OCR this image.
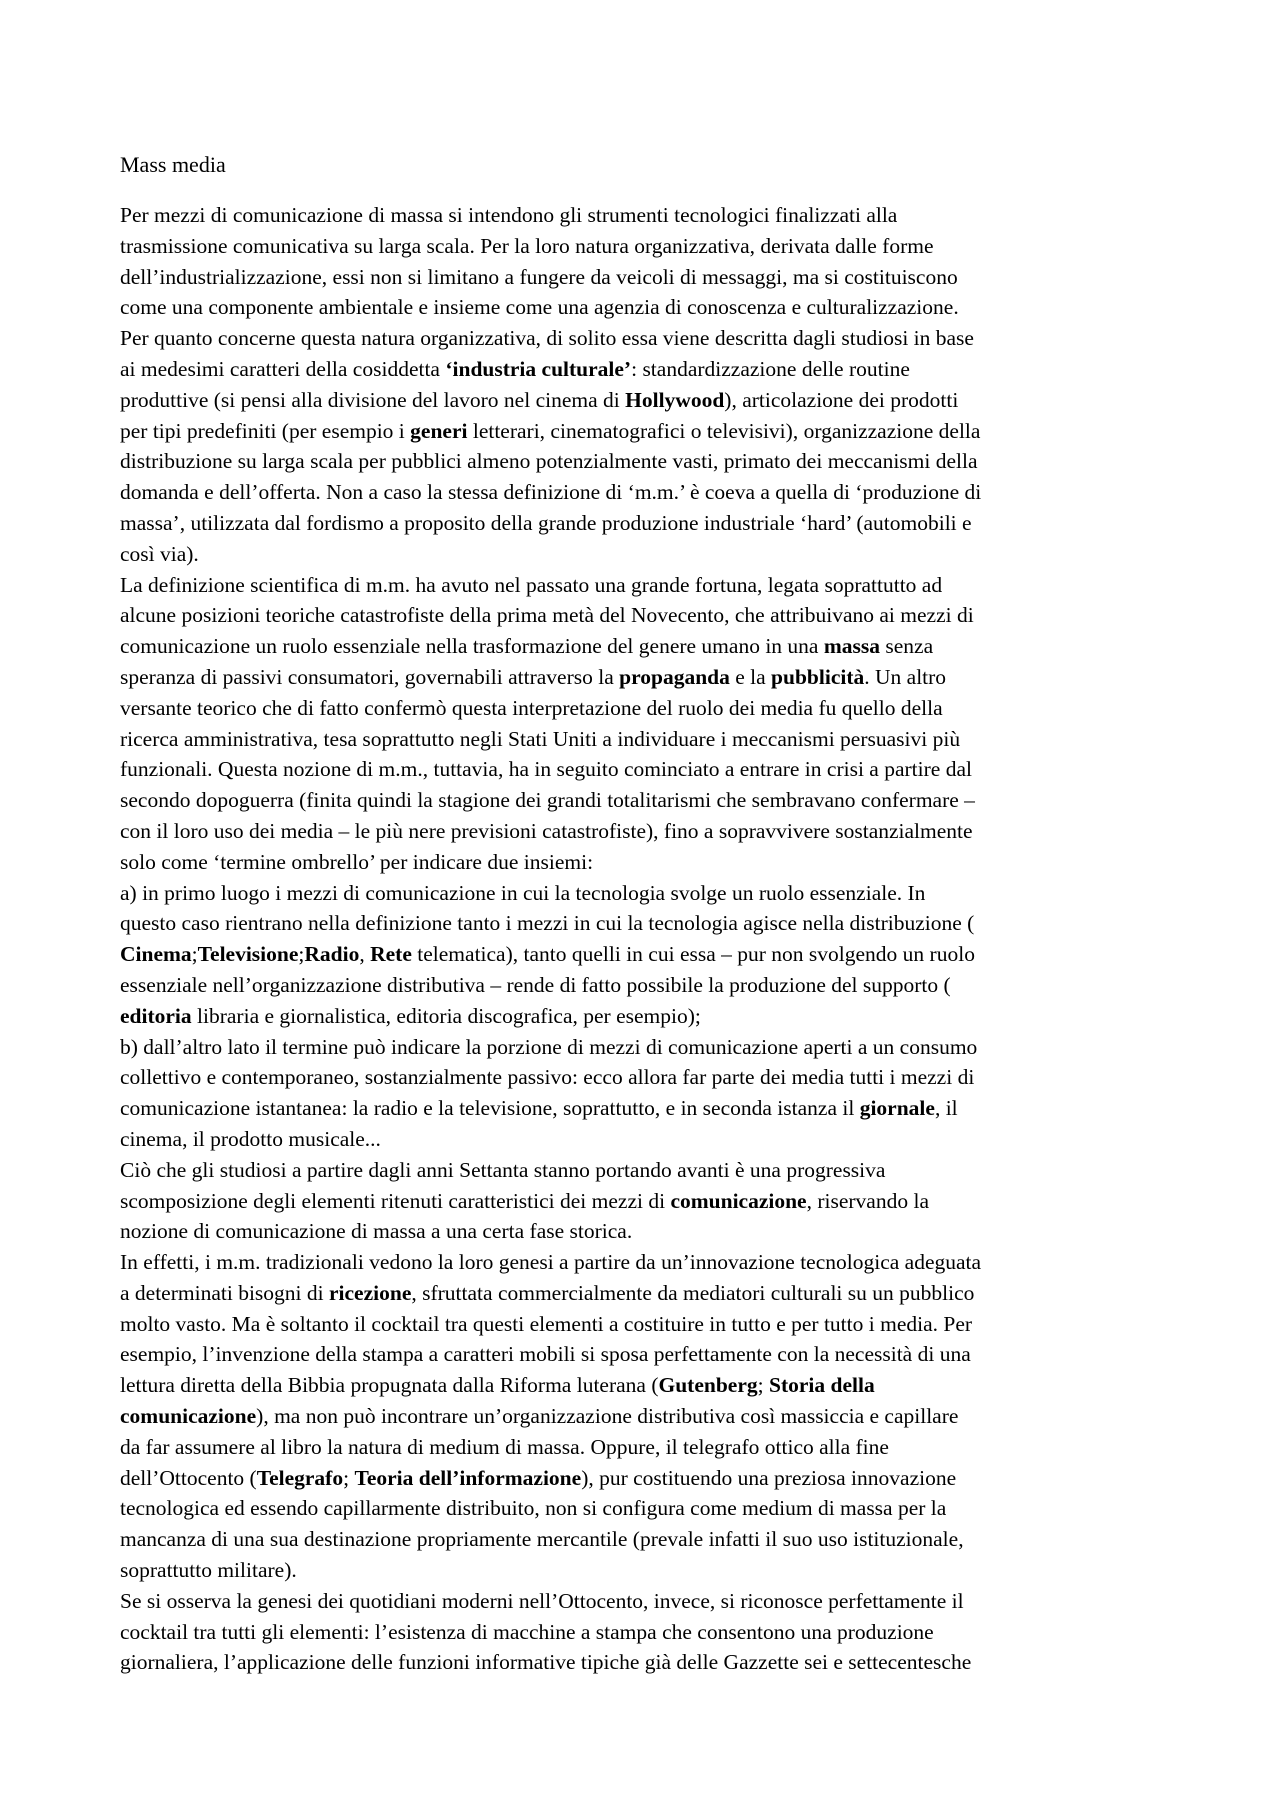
Mass media
Per mezzi di comunicazione di massa si intendono gli strumenti tecnologici finalizzati alla
trasmissione comunicativa su larga scala. Per la loro natura organizzativa, derivata dalle forme
dell’industrializzazione, essi non si limitano a fungere da veicoli di messaggi, ma si costituiscono
come una componente ambientale e insieme come una agenzia di conoscenza e culturalizzazione.
Per quanto concerne questa natura organizzativa, di solito essa viene descritta dagli studiosi in base
ai medesimi caratteri della cosiddetta ‘industria culturale’: standardizzazione delle routine
produttive (si pensi alla divisione del lavoro nel cinema di Hollywood), articolazione dei prodotti
per tipi predefiniti (per esempio i generi letterari, cinematografici o televisivi), organizzazione della
distribuzione su larga scala per pubblici almeno potenzialmente vasti, primato dei meccanismi della
domanda e dell’offerta. Non a caso la stessa definizione di ‘m.m.’ è coeva a quella di ‘produzione di
massa’, utilizzata dal fordismo a proposito della grande produzione industriale ‘hard’ (automobili e
così via).
La definizione scientifica di m.m. ha avuto nel passato una grande fortuna, legata soprattutto ad
alcune posizioni teoriche catastrofiste della prima metà del Novecento, che attribuivano ai mezzi di
comunicazione un ruolo essenziale nella trasformazione del genere umano in una massa senza
speranza di passivi consumatori, governabili attraverso la propaganda e la pubblicità. Un altro
versante teorico che di fatto confermò questa interpretazione del ruolo dei media fu quello della
ricerca amministrativa, tesa soprattutto negli Stati Uniti a individuare i meccanismi persuasivi più
funzionali. Questa nozione di m.m., tuttavia, ha in seguito cominciato a entrare in crisi a partire dal
secondo dopoguerra (finita quindi la stagione dei grandi totalitarismi che sembravano confermare –
con il loro uso dei media – le più nere previsioni catastrofiste), fino a sopravvivere sostanzialmente
solo come ‘termine ombrello’ per indicare due insiemi:
a) in primo luogo i mezzi di comunicazione in cui la tecnologia svolge un ruolo essenziale. In
questo caso rientrano nella definizione tanto i mezzi in cui la tecnologia agisce nella distribuzione (
Cinema;Televisione;Radio, Rete telematica), tanto quelli in cui essa – pur non svolgendo un ruolo
essenziale nell’organizzazione distributiva – rende di fatto possibile la produzione del supporto (
editoria libraria e giornalistica, editoria discografica, per esempio);
b) dall’altro lato il termine può indicare la porzione di mezzi di comunicazione aperti a un consumo
collettivo e contemporaneo, sostanzialmente passivo: ecco allora far parte dei media tutti i mezzi di
comunicazione istantanea: la radio e la televisione, soprattutto, e in seconda istanza il giornale, il
cinema, il prodotto musicale...
Ciò che gli studiosi a partire dagli anni Settanta stanno portando avanti è una progressiva
scomposizione degli elementi ritenuti caratteristici dei mezzi di comunicazione, riservando la
nozione di comunicazione di massa a una certa fase storica.
In effetti, i m.m. tradizionali vedono la loro genesi a partire da un’innovazione tecnologica adeguata
a determinati bisogni di ricezione, sfruttata commercialmente da mediatori culturali su un pubblico
molto vasto. Ma è soltanto il cocktail tra questi elementi a costituire in tutto e per tutto i media. Per
esempio, l’invenzione della stampa a caratteri mobili si sposa perfettamente con la necessità di una
lettura diretta della Bibbia propugnata dalla Riforma luterana (Gutenberg; Storia della
comunicazione), ma non può incontrare un’organizzazione distributiva così massiccia e capillare
da far assumere al libro la natura di medium di massa. Oppure, il telegrafo ottico alla fine
dell’Ottocento (Telegrafo; Teoria dell’informazione), pur costituendo una preziosa innovazione
tecnologica ed essendo capillarmente distribuito, non si configura come medium di massa per la
mancanza di una sua destinazione propriamente mercantile (prevale infatti il suo uso istituzionale,
soprattutto militare).
Se si osserva la genesi dei quotidiani moderni nell’Ottocento, invece, si riconosce perfettamente il
cocktail tra tutti gli elementi: l’esistenza di macchine a stampa che consentono una produzione
giornaliera, l’applicazione delle funzioni informative tipiche già delle Gazzette sei e settecentesche
